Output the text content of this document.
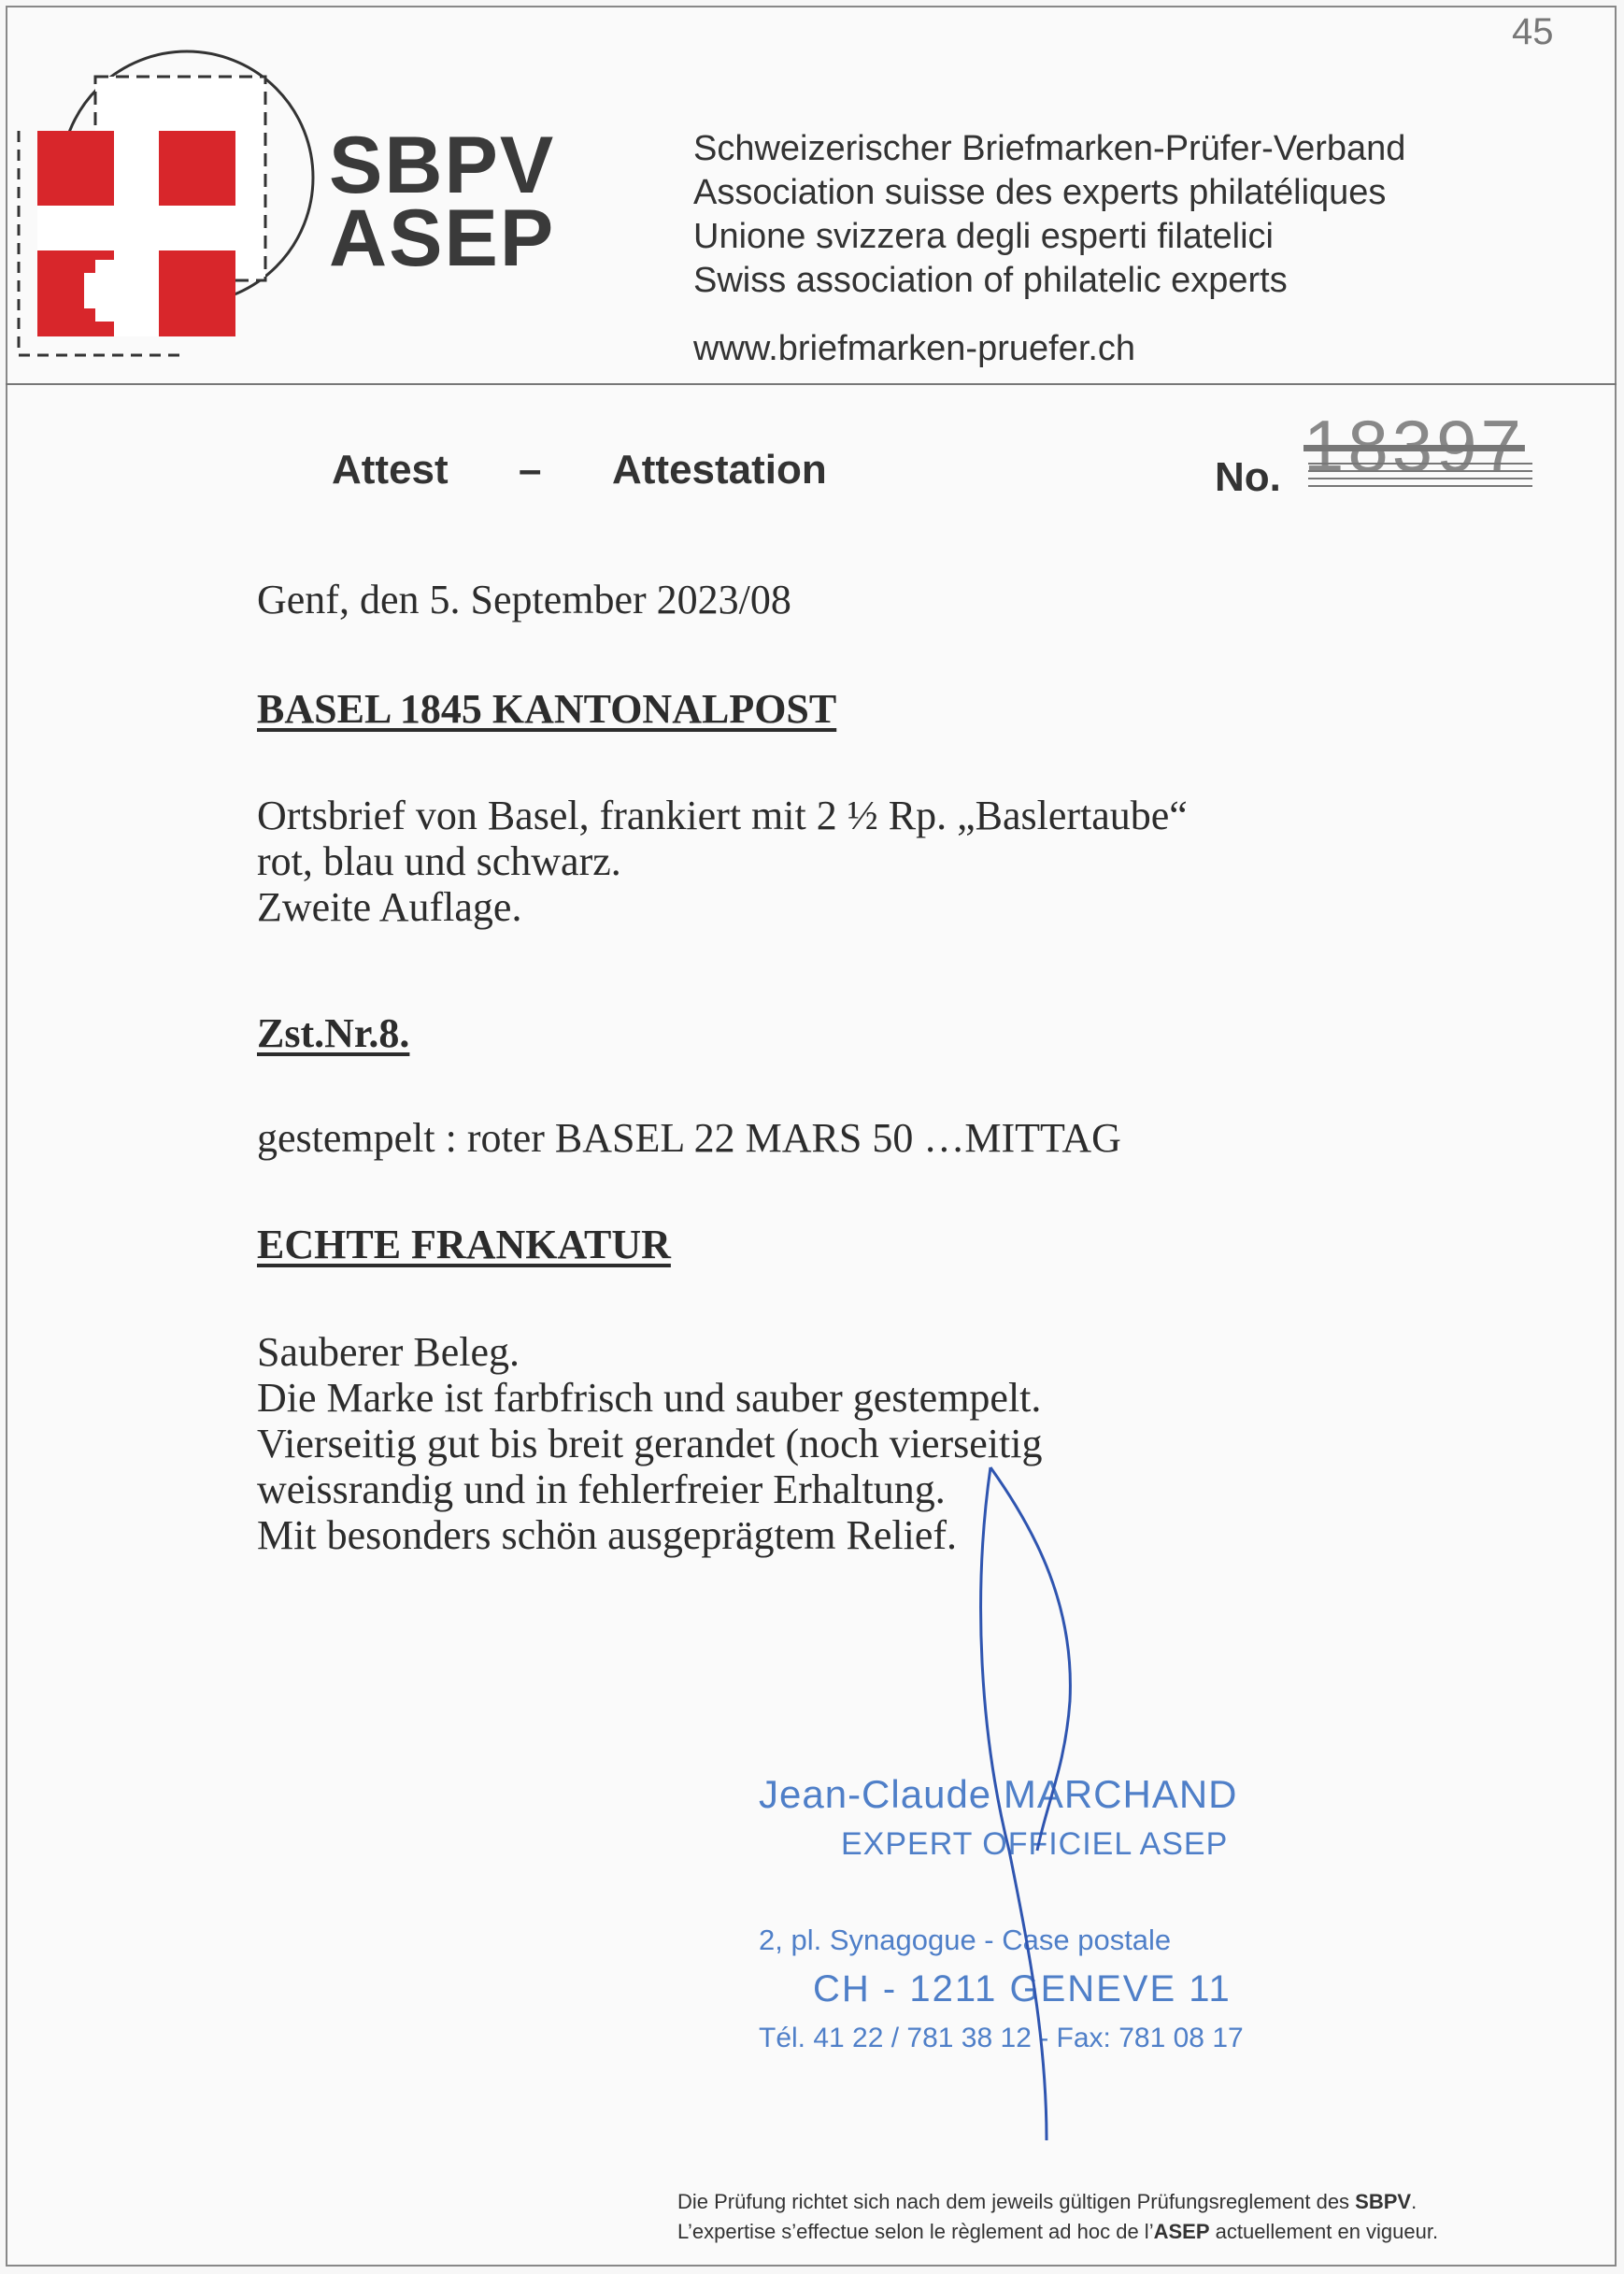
SBPV
ASEP
Schweizerischer Briefmarken-Prüfer-Verband
Association suisse des experts philatéliques
Unione svizzera degli esperti filatelici
Swiss association of philatelic experts
www.briefmarken-pruefer.ch
45
Attest – Attestation	No. 18397
Genf, den 5. September 2023/08
BASEL 1845 KANTONALPOST
Ortsbrief von Basel, frankiert mit 2 ½ Rp. „Baslertaube“
rot, blau und schwarz.
Zweite Auflage.
Zst.Nr.8.
gestempelt : roter BASEL 22 MARS 50 …MITTAG
ECHTE FRANKATUR
Sauberer Beleg.
Die Marke ist farbfrisch und sauber gestempelt.
Vierseitig gut bis breit gerandet (noch vierseitig
weissrandig und in fehlerfreier Erhaltung.
Mit besonders schön ausgeprägtem Relief.
Jean-Claude MARCHAND
EXPERT OFFICIEL ASEP
2, pl. Synagogue - Case postale
CH - 1211 GENEVE 11
Tél. 41 22 / 781 38 12 - Fax: 781 08 17
Die Prüfung richtet sich nach dem jeweils gültigen Prüfungsreglement des SBPV.
L’expertise s’effectue selon le règlement ad hoc de l’ASEP actuellement en vigueur.
